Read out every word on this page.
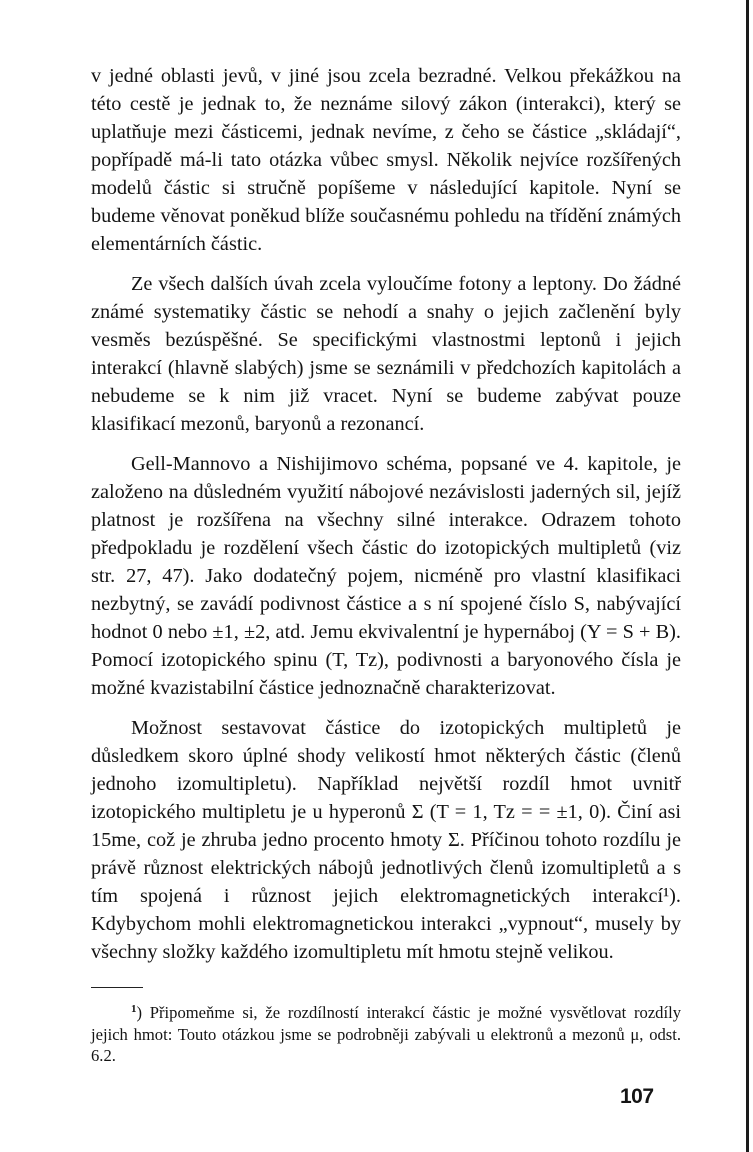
v jedné oblasti jevů, v jiné jsou zcela bezradné. Velkou překážkou na této cestě je jednak to, že neznáme silový zákon (interakci), který se uplatňuje mezi částicemi, jednak nevíme, z čeho se částice „skládají“, popřípadě má-li tato otázka vůbec smysl. Několik nejvíce rozšířených modelů částic si stručně popíšeme v následující kapitole. Nyní se budeme věnovat poněkud blíže současnému pohledu na třídění známých elementárních částic.

Ze všech dalších úvah zcela vyloučíme fotony a leptony. Do žádné známé systematiky částic se nehodí a snahy o jejich začlenění byly vesměs bezúspěšné. Se specifickými vlastnostmi leptonů i jejich interakcí (hlavně slabých) jsme se seznámili v předchozích kapitolách a nebudeme se k nim již vracet. Nyní se budeme zabývat pouze klasifikací mezonů, baryonů a rezonancí.

Gell-Mannovo a Nishijimovo schéma, popsané ve 4. kapitole, je založeno na důsledném využití nábojové nezávislosti jaderných sil, jejíž platnost je rozšířena na všechny silné interakce. Odrazem tohoto předpokladu je rozdělení všech částic do izotopických multipletů (viz str. 27, 47). Jako dodatečný pojem, nicméně pro vlastní klasifikaci nezbytný, se zavádí podivnost částice a s ní spojené číslo S, nabývající hodnot 0 nebo ±1, ±2, atd. Jemu ekvivalentní je hypernáboj (Y = S + B). Pomocí izotopického spinu (T, Tz), podivnosti a baryonového čísla je možné kvazistabilní částice jednoznačně charakterizovat.

Možnost sestavovat částice do izotopických multipletů je důsledkem skoro úplné shody velikostí hmot některých částic (členů jednoho izomultipletu). Například největší rozdíl hmot uvnitř izotopického multipletu je u hyperonů Σ (T = 1, Tz = = ±1, 0). Činí asi 15me, což je zhruba jedno procento hmoty Σ. Příčinou tohoto rozdílu je právě různost elektrických nábojů jednotlivých členů izomultipletů a s tím spojená i různost jejich elektromagnetických interakcí¹). Kdybychom mohli elektromagnetickou interakci „vypnout“, musely by všechny složky každého izomultipletu mít hmotu stejně velikou.

$^1$) Připomeňme si, že rozdílností interakcí částic je možné vysvětlovat rozdíly jejich hmot: Touto otázkou jsme se podrobněji zabývali u elektronů a mezonů μ, odst. 6.2.

107
